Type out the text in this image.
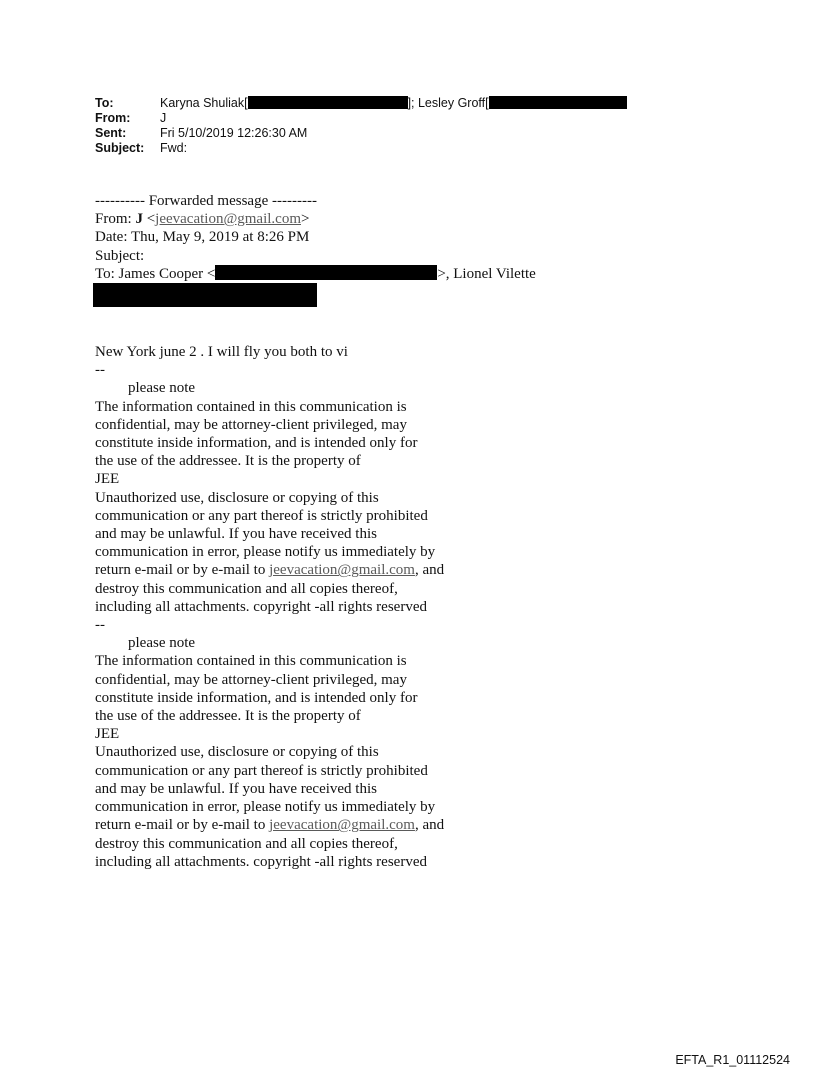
To:	Karyna Shuliak[	]; Lesley Groff[
From:	J
Sent:	Fri 5/10/2019 12:26:30 AM
Subject:	Fwd:

---------- Forwarded message ---------

From: J <jeevacation@gmail.com>

Date: Thu, May 9, 2019 at 8:26 PM

Subject:

To: James Cooper <	>, Lionel Vilette

New York june 2 . I will fly you both to vi

--

please note

The information contained in this communication is

confidential, may be attorney-client privileged, may

constitute inside information, and is intended only for

the use of the addressee. It is the property of

JEE

Unauthorized use, disclosure or copying of this

communication or any part thereof is strictly prohibited

and may be unlawful. If you have received this

communication in error, please notify us immediately by

return e-mail or by e-mail to jeevacation@gmail.com, and

destroy this communication and all copies thereof,

including all attachments. copyright -all rights reserved

--

please note

The information contained in this communication is

confidential, may be attorney-client privileged, may

constitute inside information, and is intended only for

the use of the addressee. It is the property of

JEE

Unauthorized use, disclosure or copying of this

communication or any part thereof is strictly prohibited

and may be unlawful. If you have received this

communication in error, please notify us immediately by

return e-mail or by e-mail to jeevacation@gmail.com, and

destroy this communication and all copies thereof,

including all attachments. copyright -all rights reserved

EFTA_R1_01112524
